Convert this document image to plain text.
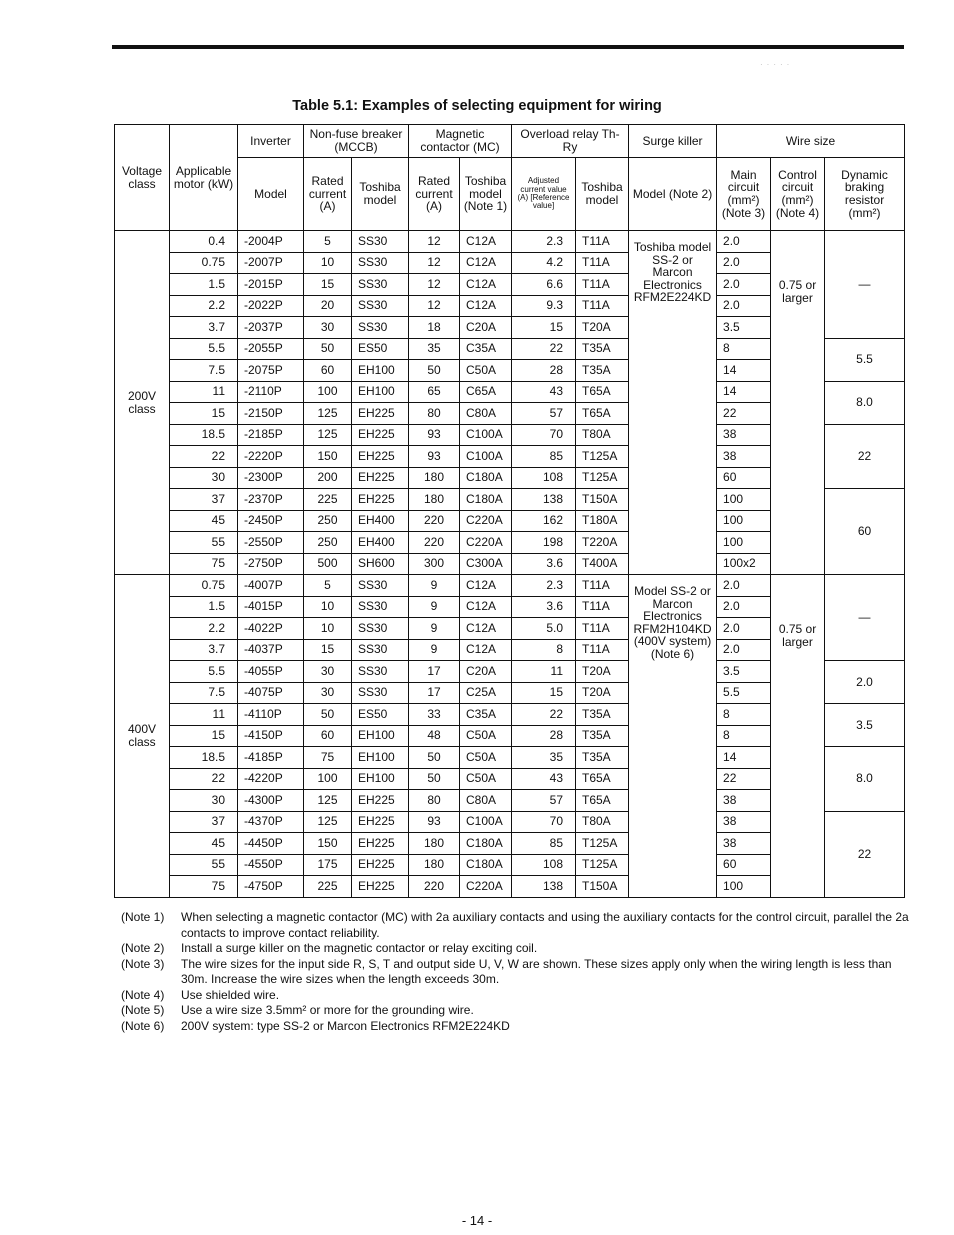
·····
Table 5.1: Examples of selecting equipment for wiring
Voltage class	Applicable motor (kW)	Inverter	Non-fuse breaker (MCCB)		Magnetic contactor (MC)		Overload relay Th-Ry		Surge killer	Wire size		
		Model	Rated current (A)	Toshiba model	Rated current (A)	Toshiba model (Note 1)	Adjusted current value (A) [Reference value]	Toshiba model	Model (Note 2)	Main circuit (mm²) (Note 3)	Control circuit (mm²) (Note 4)	Dynamic braking resistor (mm²)
200V class	0.4	-2004P	5	SS30	12	C12A	2.3	T11A	Toshiba model SS-2 or Marcon Electronics RFM2E224KD	2.0	0.75 or larger	—
	0.75	-2007P	10	SS30	12	C12A	4.2	T11A		2.0		
	1.5	-2015P	15	SS30	12	C12A	6.6	T11A		2.0		
	2.2	-2022P	20	SS30	12	C12A	9.3	T11A		2.0		
	3.7	-2037P	30	SS30	18	C20A	15	T20A		3.5		
	5.5	-2055P	50	ES50	35	C35A	22	T35A		8		5.5
	7.5	-2075P	60	EH100	50	C50A	28	T35A		14		
	11	-2110P	100	EH100	65	C65A	43	T65A		14		8.0
	15	-2150P	125	EH225	80	C80A	57	T65A		22		
	18.5	-2185P	125	EH225	93	C100A	70	T80A		38		22
	22	-2220P	150	EH225	93	C100A	85	T125A		38		
	30	-2300P	200	EH225	180	C180A	108	T125A		60		
	37	-2370P	225	EH225	180	C180A	138	T150A		100		60
	45	-2450P	250	EH400	220	C220A	162	T180A		100		
	55	-2550P	250	EH400	220	C220A	198	T220A		100		
	75	-2750P	500	SH600	300	C300A	3.6	T400A		100x2		
400V class	0.75	-4007P	5	SS30	9	C12A	2.3	T11A	Model SS-2 or Marcon Electronics RFM2H104KD (400V system) (Note 6)	2.0	0.75 or larger	—
	1.5	-4015P	10	SS30	9	C12A	3.6	T11A		2.0		
	2.2	-4022P	10	SS30	9	C12A	5.0	T11A		2.0		
	3.7	-4037P	15	SS30	9	C12A	8	T11A		2.0		
	5.5	-4055P	30	SS30	17	C20A	11	T20A		3.5		2.0
	7.5	-4075P	30	SS30	17	C25A	15	T20A		5.5		
	11	-4110P	50	ES50	33	C35A	22	T35A		8		3.5
	15	-4150P	60	EH100	48	C50A	28	T35A		8		
	18.5	-4185P	75	EH100	50	C50A	35	T35A		14		8.0
	22	-4220P	100	EH100	50	C50A	43	T65A		22		
	30	-4300P	125	EH225	80	C80A	57	T65A		38		
	37	-4370P	125	EH225	93	C100A	70	T80A		38		22
	45	-4450P	150	EH225	180	C180A	85	T125A		38		
	55	-4550P	175	EH225	180	C180A	108	T125A		60		
	75	-4750P	225	EH225	220	C220A	138	T150A		100		
(Note 1)	When selecting a magnetic contactor (MC) with 2a auxiliary contacts and using the auxiliary contacts for the control circuit, parallel the 2a contacts to improve contact reliability.
(Note 2)	Install a surge killer on the magnetic contactor or relay exciting coil.
(Note 3)	The wire sizes for the input side R, S, T and output side U, V, W are shown. These sizes apply only when the wiring length is less than 30m. Increase the wire sizes when the length exceeds 30m.
(Note 4)	Use shielded wire.
(Note 5)	Use a wire size 3.5mm² or more for the grounding wire.
(Note 6)	200V system: type SS-2 or Marcon Electronics RFM2E224KD
- 14 -
